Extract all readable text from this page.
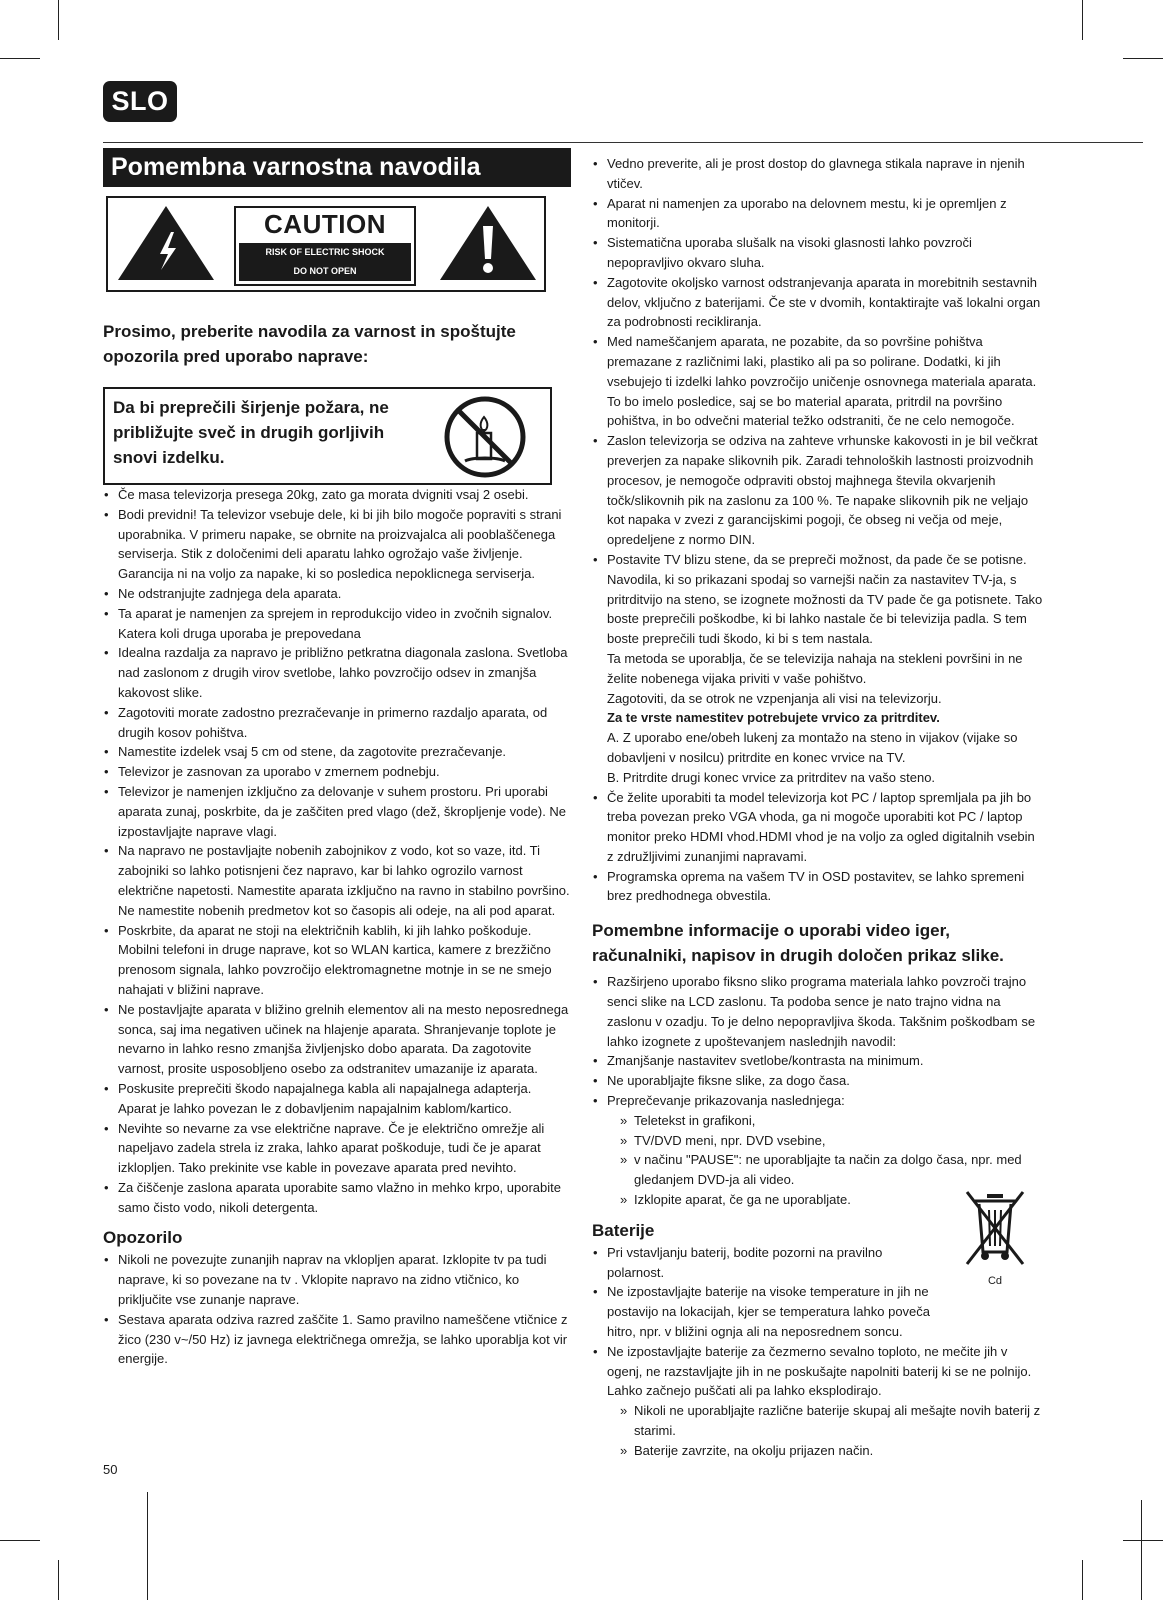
SLO
Pomembna varnostna navodila
CAUTION
RISK OF ELECTRIC SHOCK
DO NOT OPEN
Prosimo, preberite navodila za varnost in spoštujte opozorila pred uporabo naprave:
Da bi preprečili širjenje požara, ne približujte sveč in drugih gorljivih snovi izdelku.
• Če masa televizorja presega 20kg, zato ga morata dvigniti vsaj 2 osebi.
• Bodi previdni! Ta televizor vsebuje dele, ki bi jih bilo mogoče popraviti s strani uporabnika. V primeru napake, se obrnite na proizvajalca ali pooblaščenega serviserja. Stik z določenimi deli aparatu lahko ogrožajo vaše življenje. Garancija ni na voljo za napake, ki so posledica nepoklicnega serviserja.
• Ne odstranjujte zadnjega dela aparata.
• Ta aparat je namenjen za sprejem in reprodukcijo video in zvočnih signalov. Katera koli druga uporaba je prepovedana
• Idealna razdalja za napravo je približno petkratna diagonala zaslona. Svetloba nad zaslonom z drugih virov svetlobe, lahko povzročijo odsev in zmanjša kakovost slike.
• Zagotoviti morate zadostno prezračevanje in primerno razdaljo aparata, od drugih kosov pohištva.
• Namestite izdelek vsaj 5 cm od stene, da zagotovite prezračevanje.
• Televizor je zasnovan za uporabo v zmernem podnebju.
• Televizor je namenjen izključno za delovanje v suhem prostoru. Pri uporabi aparata zunaj, poskrbite, da je zaščiten pred vlago (dež, škropljenje vode). Ne izpostavljajte naprave vlagi.
• Na napravo ne postavljajte nobenih zabojnikov z vodo, kot so vaze, itd. Ti zabojniki so lahko potisnjeni čez napravo, kar bi lahko ogrozilo varnost električne napetosti. Namestite aparata izključno na ravno in stabilno površino. Ne namestite nobenih predmetov kot so časopis ali odeje, na ali pod aparat.
• Poskrbite, da aparat ne stoji na električnih kablih, ki jih lahko poškoduje. Mobilni telefoni in druge naprave, kot so WLAN kartica, kamere z brezžično prenosom signala, lahko povzročijo elektromagnetne motnje in se ne smejo nahajati v bližini naprave.
• Ne postavljajte aparata v bližino grelnih elementov ali na mesto neposrednega sonca, saj ima negativen učinek na hlajenje aparata. Shranjevanje toplote je nevarno in lahko resno zmanjša življenjsko dobo aparata. Da zagotovite varnost, prosite usposobljeno osebo za odstranitev umazanije iz aparata.
• Poskusite preprečiti škodo napajalnega kabla ali napajalnega adapterja. Aparat je lahko povezan le z dobavljenim napajalnim kablom/kartico.
• Nevihte so nevarne za vse električne naprave. Če je električno omrežje ali napeljavo zadela strela iz zraka, lahko aparat poškoduje, tudi če je aparat izklopljen. Tako prekinite vse kable in povezave aparata pred nevihto.
• Za čiščenje zaslona aparata uporabite samo vlažno in mehko krpo, uporabite samo čisto vodo, nikoli detergenta.
Opozorilo
• Nikoli ne povezujte zunanjih naprav na vklopljen aparat. Izklopite tv pa tudi naprave, ki so povezane na tv . Vklopite napravo na zidno vtičnico, ko priključite vse zunanje naprave.
• Sestava aparata odziva razred zaščite 1. Samo pravilno nameščene vtičnice z žico (230 v~/50 Hz) iz javnega električnega omrežja, se lahko uporablja kot vir energije.
• Vedno preverite, ali je prost dostop do glavnega stikala naprave in njenih vtičev.
• Aparat ni namenjen za uporabo na delovnem mestu, ki je opremljen z monitorji.
• Sistematična uporaba slušalk na visoki glasnosti lahko povzroči nepopravljivo okvaro sluha.
• Zagotovite okoljsko varnost odstranjevanja aparata in morebitnih sestavnih delov, vključno z baterijami. Če ste v dvomih, kontaktirajte vaš lokalni organ za podrobnosti recikliranja.
• Med nameščanjem aparata, ne pozabite, da so površine pohištva premazane z različnimi laki, plastiko ali pa so polirane. Dodatki, ki jih vsebujejo ti izdelki lahko povzročijo uničenje osnovnega materiala aparata. To bo imelo posledice, saj se bo material aparata, pritrdil na površino pohištva, in bo odvečni material težko odstraniti, če ne celo nemogoče.
• Zaslon televizorja se odziva na zahteve vrhunske kakovosti in je bil večkrat preverjen za napake slikovnih pik. Zaradi tehnoloških lastnosti proizvodnih procesov, je nemogoče odpraviti obstoj majhnega števila okvarjenih točk/slikovnih pik na zaslonu za 100 %. Te napake slikovnih pik ne veljajo kot napaka v zvezi z garancijskimi pogoji, če obseg ni večja od meje, opredeljene z normo DIN.
• Postavite TV blizu stene, da se prepreči možnost, da pade če se potisne. Navodila, ki so prikazani spodaj so varnejši način za nastavitev TV-ja, s pritrditvijo na steno, se izognete možnosti da TV pade če ga potisnete. Tako boste preprečili poškodbe, ki bi lahko nastale če bi televizija padla. S tem boste preprečili tudi škodo, ki bi s tem nastala.
Ta metoda se uporablja, če se televizija nahaja na stekleni površini in ne želite nobenega vijaka priviti v vaše pohištvo.
Zagotoviti, da se otrok ne vzpenjanja ali visi na televizorju.
Za te vrste namestitev potrebujete vrvico za pritrditev.
A. Z uporabo ene/obeh lukenj za montažo na steno in vijakov (vijake so dobavljeni v nosilcu) pritrdite en konec vrvice na TV.
B. Pritrdite drugi konec vrvice za pritrditev na vašo steno.
• Če želite uporabiti ta model televizorja kot PC / laptop spremljala pa jih bo treba povezan preko VGA vhoda, ga ni mogoče uporabiti kot PC / laptop monitor preko HDMI vhod.HDMI vhod je na voljo za ogled digitalnih vsebin z združljivimi zunanjimi napravami.
• Programska oprema na vašem TV in OSD postavitev, se lahko spremeni brez predhodnega obvestila.
Pomembne informacije o uporabi video iger, računalniki, napisov in drugih določen prikaz slike.
• Razširjeno uporabo fiksno sliko programa materiala lahko povzroči trajno senci slike na LCD zaslonu. Ta podoba sence je nato trajno vidna na zaslonu v ozadju. To je delno nepopravljiva škoda. Takšnim poškodbam se lahko izognete z upoštevanjem naslednjih navodil:
• Zmanjšanje nastavitev svetlobe/kontrasta na minimum.
• Ne uporabljajte fiksne slike, za dogo časa.
• Preprečevanje prikazovanja naslednjega:
» Teletekst in grafikoni,
» TV/DVD meni, npr. DVD vsebine,
» v načinu "PAUSE": ne uporabljajte ta način za dolgo časa, npr. med gledanjem DVD-ja ali video.
» Izklopite aparat, če ga ne uporabljate.
Baterije
• Pri vstavljanju baterij, bodite pozorni na pravilno polarnost.
• Ne izpostavljajte baterije na visoke temperature in jih ne postavijo na lokacijah, kjer se temperatura lahko poveča hitro, npr. v bližini ognja ali na neposrednem soncu.
• Ne izpostavljajte baterije za čezmerno sevalno toploto, ne mečite jih v ogenj, ne razstavljajte jih in ne poskušajte napolniti baterij ki se ne polnijo. Lahko začnejo puščati ali pa lahko eksplodirajo.
» Nikoli ne uporabljajte različne baterije skupaj ali mešajte novih baterij z starimi.
» Baterije zavrzite, na okolju prijazen način.
Cd
50
